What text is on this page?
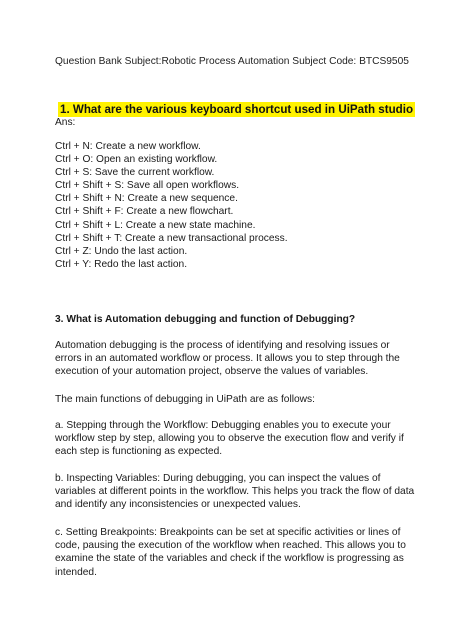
Question Bank Subject:Robotic Process Automation Subject Code: BTCS9505
1. What are the various keyboard shortcut used in UiPath studio
Ans:
Ctrl + N: Create a new workflow.
Ctrl + O: Open an existing workflow.
Ctrl + S: Save the current workflow.
Ctrl + Shift + S: Save all open workflows.
Ctrl + Shift + N: Create a new sequence.
Ctrl + Shift + F: Create a new flowchart.
Ctrl + Shift + L: Create a new state machine.
Ctrl + Shift + T: Create a new transactional process.
Ctrl + Z: Undo the last action.
Ctrl + Y: Redo the last action.
3. What is Automation debugging and function of Debugging?

Automation debugging is the process of identifying and resolving issues or errors in an automated workflow or process. It allows you to step through the execution of your automation project, observe the values of variables.

The main functions of debugging in UiPath are as follows:

a. Stepping through the Workflow: Debugging enables you to execute your workflow step by step, allowing you to observe the execution flow and verify if each step is functioning as expected.

b. Inspecting Variables: During debugging, you can inspect the values of variables at different points in the workflow. This helps you track the flow of data and identify any inconsistencies or unexpected values.

c. Setting Breakpoints: Breakpoints can be set at specific activities or lines of code, pausing the execution of the workflow when reached. This allows you to examine the state of the variables and check if the workflow is progressing as intended.
